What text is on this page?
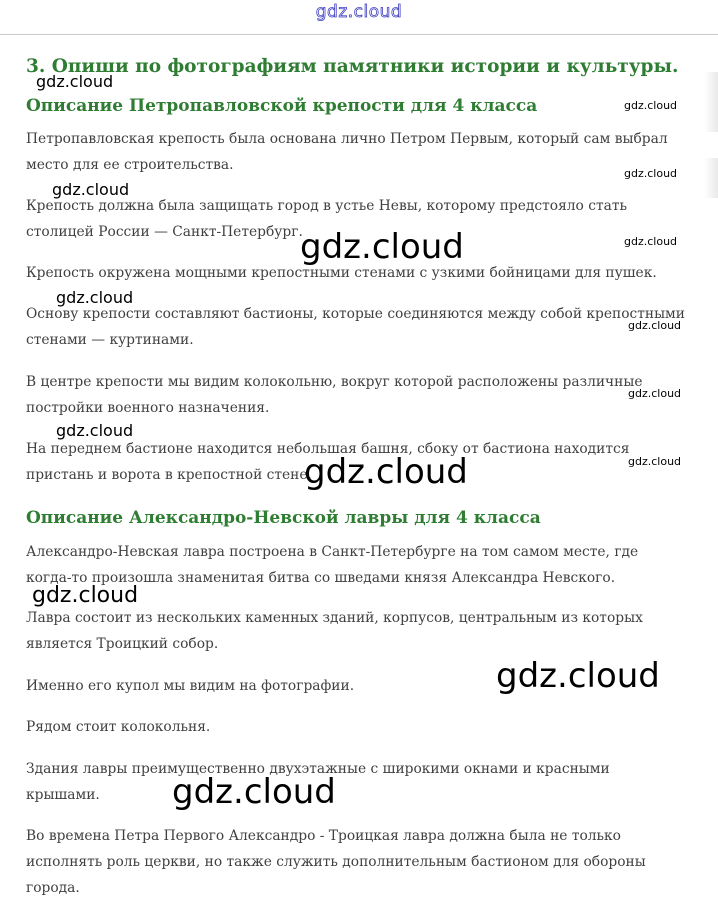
gdz.cloud
3. Опиши по фотографиям памятники истории и культуры.
Описание Петропавловской крепости для 4 класса

Петропавловская крепость была основана лично Петром Первым, который сам выбрал место для ее строительства.

Крепость должна была защищать город в устье Невы, которому предстояло стать столицей России — Санкт-Петербург.

Крепость окружена мощными крепостными стенами с узкими бойницами для пушек.

Основу крепости составляют бастионы, которые соединяются между собой крепостными стенами — куртинами.

В центре крепости мы видим колокольню, вокруг которой расположены различные постройки военного назначения.

На переднем бастионе находится небольшая башня, сбоку от бастиона находится пристань и ворота в крепостной стене.

Описание Александро-Невской лавры для 4 класса

Александро-Невская лавра построена в Санкт-Петербурге на том самом месте, где когда-то произошла знаменитая битва со шведами князя Александра Невского.

Лавра состоит из нескольких каменных зданий, корпусов, центральным из которых является Троицкий собор.

Именно его купол мы видим на фотографии.

Рядом стоит колокольня.

Здания лавры преимущественно двухэтажные с широкими окнами и красными крышами.

Во времена Петра Первого Александро - Троицкая лавра должна была не только исполнять роль церкви, но также служить дополнительным бастионом для обороны города.

gdz.cloud
gdz.cloud
gdz.cloud
gdz.cloud
gdz.cloud	gdz.cloud
gdz.cloud
gdz.cloud
gdz.cloud
gdz.cloud
gdz.cloud
gdz.cloud
gdz.cloud
gdz.cloud
gdz.cloud
